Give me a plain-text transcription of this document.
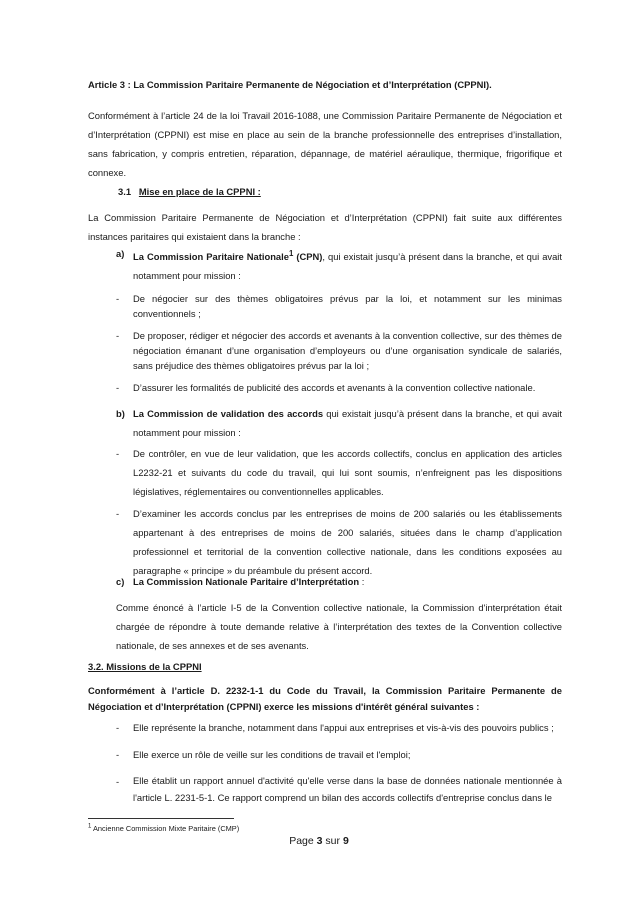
Article 3 : La Commission Paritaire Permanente de Négociation et d’Interprétation (CPPNI).

Conformément à l’article 24 de la loi Travail 2016-1088, une Commission Paritaire Permanente de Négociation et d’Interprétation (CPPNI) est mise en place au sein de la branche professionnelle des entreprises d’installation, sans fabrication, y compris entretien, réparation, dépannage, de matériel aéraulique, thermique, frigorifique et connexe.

3.1 Mise en place de la CPPNI :

La Commission Paritaire Permanente de Négociation et d’Interprétation (CPPNI) fait suite aux différentes instances paritaires qui existaient dans la branche :

a) La Commission Paritaire Nationale$^1$ (CPN), qui existait jusqu’à présent dans la branche, et qui avait notamment pour mission :

- De négocier sur des thèmes obligatoires prévus par la loi, et notamment sur les minimas conventionnels ;

- De proposer, rédiger et négocier des accords et avenants à la convention collective, sur des thèmes de négociation émanant d’une organisation d’employeurs ou d’une organisation syndicale de salariés, sans préjudice des thèmes obligatoires prévus par la loi ;

- D’assurer les formalités de publicité des accords et avenants à la convention collective nationale.

b) La Commission de validation des accords qui existait jusqu’à présent dans la branche, et qui avait notamment pour mission :

- De contrôler, en vue de leur validation, que les accords collectifs, conclus en application des articles L2232-21 et suivants du code du travail, qui lui sont soumis, n’enfreignent pas les dispositions législatives, réglementaires ou conventionnelles applicables.

- D’examiner les accords conclus par les entreprises de moins de 200 salariés ou les établissements appartenant à des entreprises de moins de 200 salariés, situées dans le champ d’application professionnel et territorial de la convention collective nationale, dans les conditions exposées au paragraphe « principe » du préambule du présent accord.

c) La Commission Nationale Paritaire d’Interprétation :

Comme énoncé à l’article I-5 de la Convention collective nationale, la Commission d'interprétation était chargée de répondre à toute demande relative à l’interprétation des textes de la Convention collective nationale, de ses annexes et de ses avenants.

3.2. Missions de la CPPNI

Conformément à l’article D. 2232-1-1 du Code du Travail, la Commission Paritaire Permanente de Négociation et d’Interprétation (CPPNI) exerce les missions d'intérêt général suivantes :

- Elle représente la branche, notamment dans l'appui aux entreprises et vis-à-vis des pouvoirs publics ;

- Elle exerce un rôle de veille sur les conditions de travail et l'emploi;

- Elle établit un rapport annuel d'activité qu'elle verse dans la base de données nationale mentionnée à l'article L. 2231-5-1. Ce rapport comprend un bilan des accords collectifs d'entreprise conclus dans le

$^1$ Ancienne Commission Mixte Paritaire (CMP)
Page 3 sur 9
